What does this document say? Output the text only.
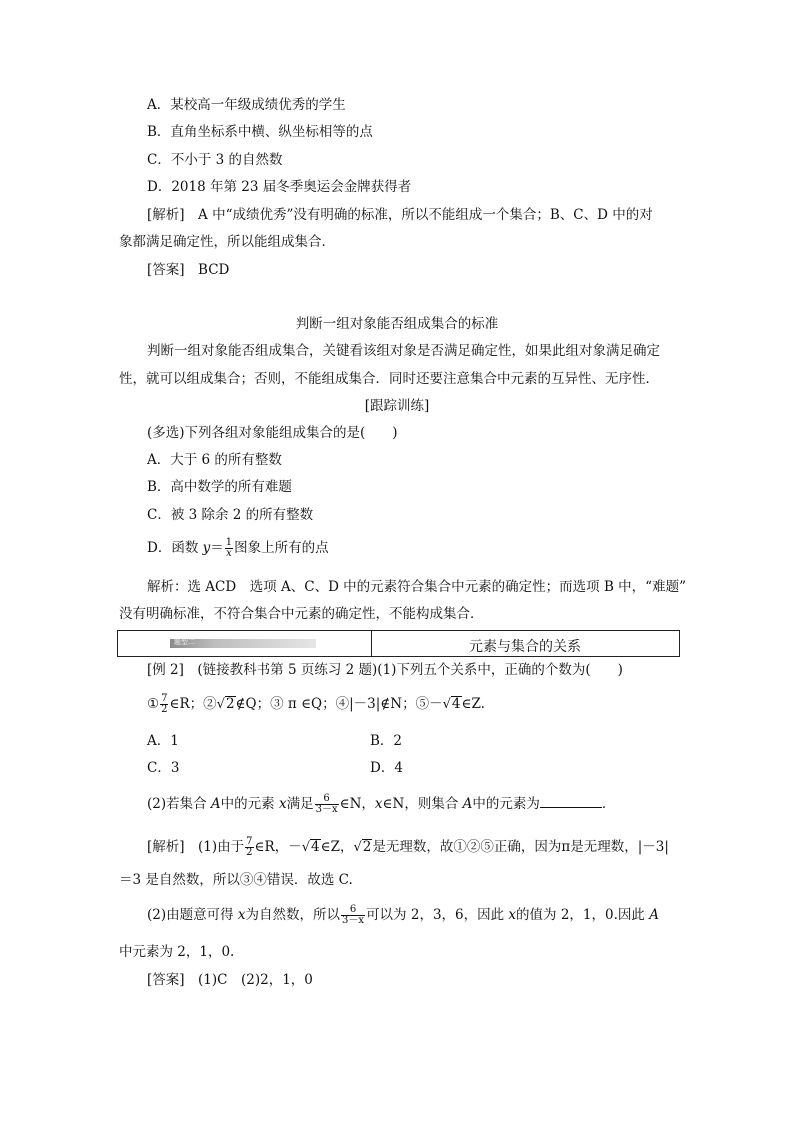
A．某校高一年级成绩优秀的学生
B．直角坐标系中横、纵坐标相等的点
C．不小于 3 的自然数
D．2018 年第 23 届冬季奥运会金牌获得者
[解析]　A 中“成绩优秀”没有明确的标准，所以不能组成一个集合；B、C、D 中的对
象都满足确定性，所以能组成集合．
[答案]　BCD
判断一组对象能否组成集合的标准
判断一组对象能否组成集合，关键看该组对象是否满足确定性，如果此组对象满足确定
性，就可以组成集合；否则，不能组成集合．同时还要注意集合中元素的互异性、无序性．
[跟踪训练]
(多选)下列各组对象能组成集合的是(　　)
A．大于 6 的所有整数
B．高中数学的所有难题
C．被 3 除余 2 的所有整数
D．函数 $y= \frac{1}{x}$ 图象上所有的点
解析：选 ACD　选项 A、C、D 中的元素符合集合中元素的确定性；而选项 B 中，“难题”
没有明确标准，不符合集合中元素的确定性，不能构成集合．
题型二	元素与集合的关系
[例 2]　(链接教科书第 5 页练习 2 题)(1)下列五个关系中，正确的个数为(　　)
① $\frac{7}{2}$ ∈R；②√2∉Q；③ π ∈Q；④|－3|∉N；⑤－√4∈Z.
A．1	B．2
C．3	D．4
(2)若集合 A中的元素 x满足 $\frac{6}{3-x}$ ∈N，x∈N，则集合 A中的元素为	．
[解析]　(1)由于 $\frac{7}{2}$ ∈R，－√4∈Z，√2是无理数，故①②⑤正确，因为π是无理数，|－3|
＝3 是自然数，所以③④错误．故选 C.
(2)由题意可得 x为自然数，所以 $\frac{6}{3-x}$ 可以为 2，3，6，因此 x的值为 2，1，0.因此 A
中元素为 2，1，0.
[答案]　(1)C　(2)2，1，0
